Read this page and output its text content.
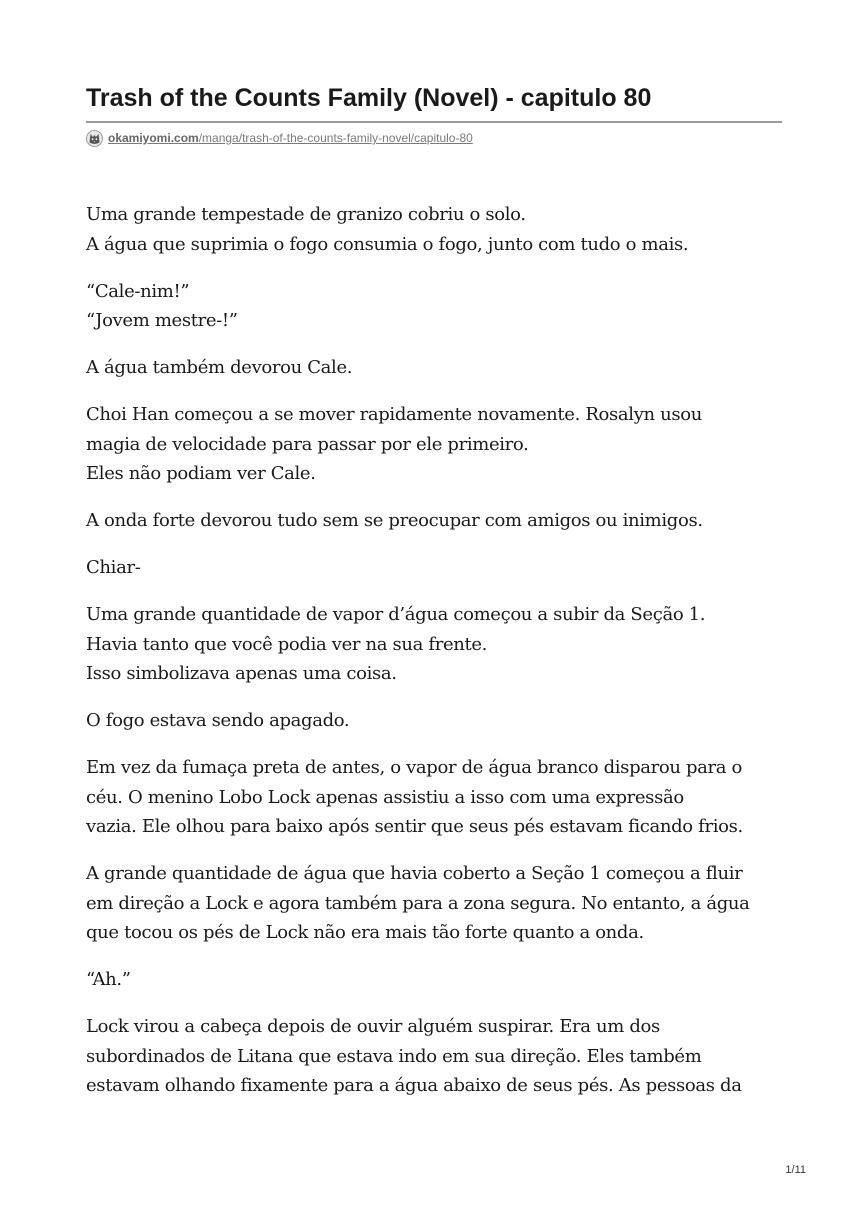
Trash of the Counts Family (Novel) - capitulo 80
okamiyomi.com/manga/trash-of-the-counts-family-novel/capitulo-80

Uma grande tempestade de granizo cobriu o solo.
A água que suprimia o fogo consumia o fogo, junto com tudo o mais.

“Cale-nim!”
“Jovem mestre-!”

A água também devorou Cale.

Choi Han começou a se mover rapidamente novamente. Rosalyn usou
magia de velocidade para passar por ele primeiro.
Eles não podiam ver Cale.

A onda forte devorou tudo sem se preocupar com amigos ou inimigos.

Chiar-

Uma grande quantidade de vapor d’água começou a subir da Seção 1.
Havia tanto que você podia ver na sua frente.
Isso simbolizava apenas uma coisa.

O fogo estava sendo apagado.

Em vez da fumaça preta de antes, o vapor de água branco disparou para o
céu. O menino Lobo Lock apenas assistiu a isso com uma expressão
vazia. Ele olhou para baixo após sentir que seus pés estavam ficando frios.

A grande quantidade de água que havia coberto a Seção 1 começou a fluir
em direção a Lock e agora também para a zona segura. No entanto, a água
que tocou os pés de Lock não era mais tão forte quanto a onda.

“Ah.”

Lock virou a cabeça depois de ouvir alguém suspirar. Era um dos
subordinados de Litana que estava indo em sua direção. Eles também
estavam olhando fixamente para a água abaixo de seus pés. As pessoas da

1/11
